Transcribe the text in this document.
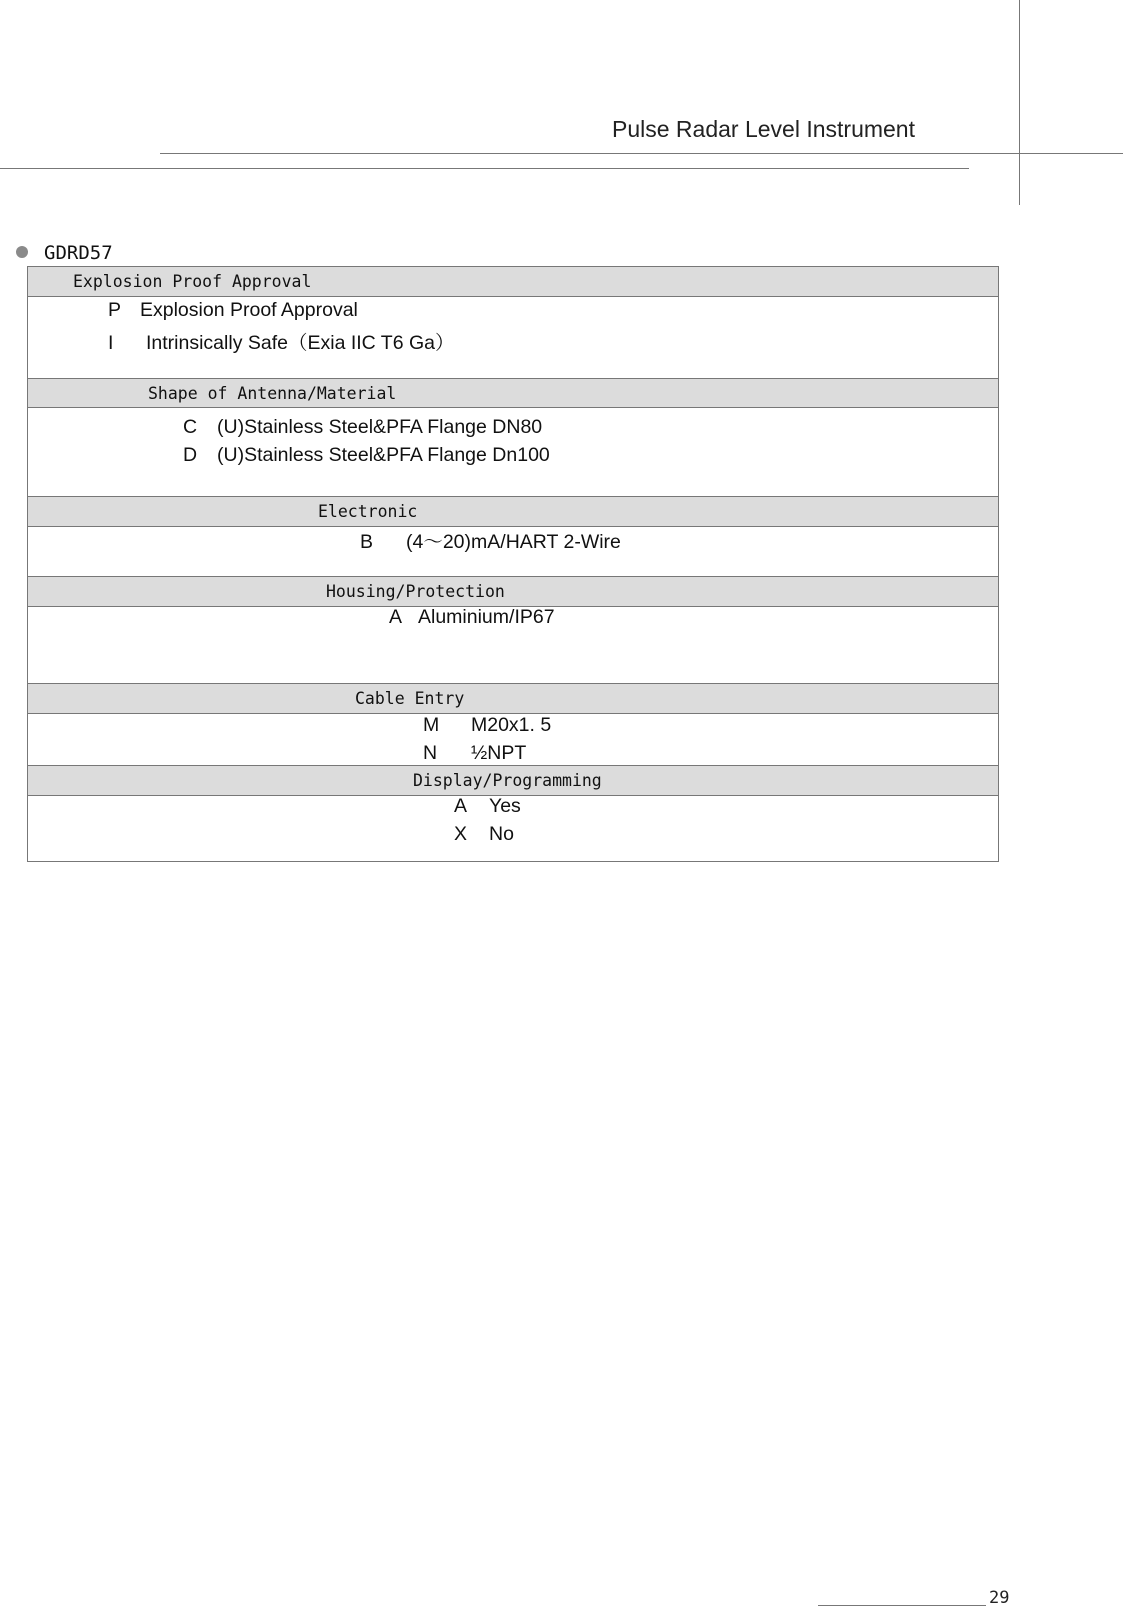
Pulse Radar Level Instrument
GDRD57
Explosion Proof Approval
P Explosion Proof Approval
I Intrinsically Safe（Exia IIC T6 Ga）
Shape of Antenna/Material
C (U)Stainless Steel&PFA Flange DN80
D (U)Stainless Steel&PFA Flange Dn100
Electronic
B (4～20)mA/HART 2-Wire
Housing/Protection
A Aluminium/IP67
Cable Entry
M M20x1. 5
N ½NPT
Display/Programming
A Yes
X No
29
